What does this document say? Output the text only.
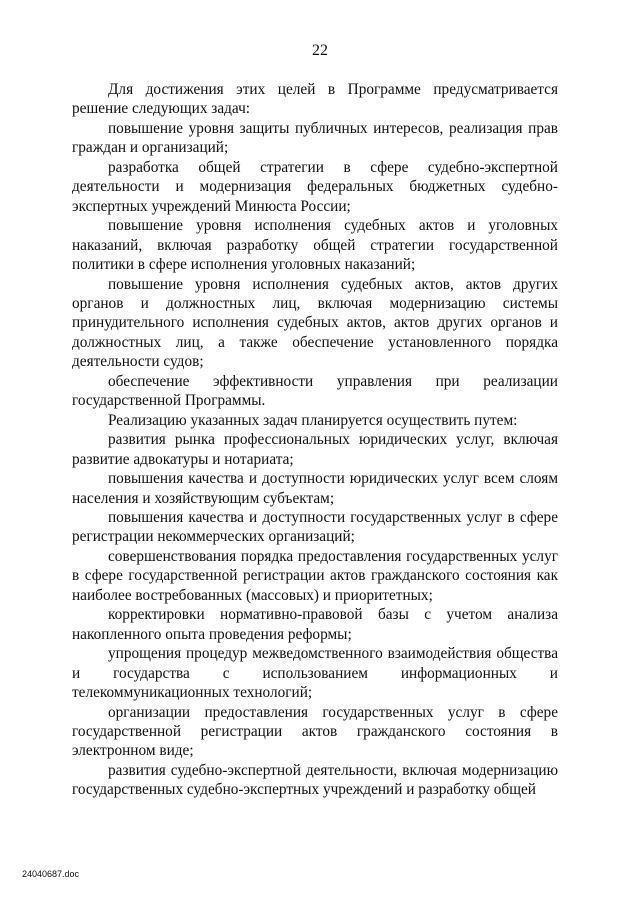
22

Для достижения этих целей в Программе предусматривается решение следующих задач:

повышение уровня защиты публичных интересов, реализация прав граждан и организаций;

разработка общей стратегии в сфере судебно-экспертной деятельности и модернизация федеральных бюджетных судебно-экспертных учреждений Минюста России;

повышение уровня исполнения судебных актов и уголовных наказаний, включая разработку общей стратегии государственной политики в сфере исполнения уголовных наказаний;

повышение уровня исполнения судебных актов, актов других органов и должностных лиц, включая модернизацию системы принудительного исполнения судебных актов, актов других органов и должностных лиц, а также обеспечение установленного порядка деятельности судов;

обеспечение эффективности управления при реализации государственной Программы.

Реализацию указанных задач планируется осуществить путем:

развития рынка профессиональных юридических услуг, включая развитие адвокатуры и нотариата;

повышения качества и доступности юридических услуг всем слоям населения и хозяйствующим субъектам;

повышения качества и доступности государственных услуг в сфере регистрации некоммерческих организаций;

совершенствования порядка предоставления государственных услуг в сфере государственной регистрации актов гражданского состояния как наиболее востребованных (массовых) и приоритетных;

корректировки нормативно-правовой базы с учетом анализа накопленного опыта проведения реформы;

упрощения процедур межведомственного взаимодействия общества и государства с использованием информационных и телекоммуникационных технологий;

организации предоставления государственных услуг в сфере государственной регистрации актов гражданского состояния в электронном виде;

развития судебно-экспертной деятельности, включая модернизацию государственных судебно-экспертных учреждений и разработку общей

24040687.doc
